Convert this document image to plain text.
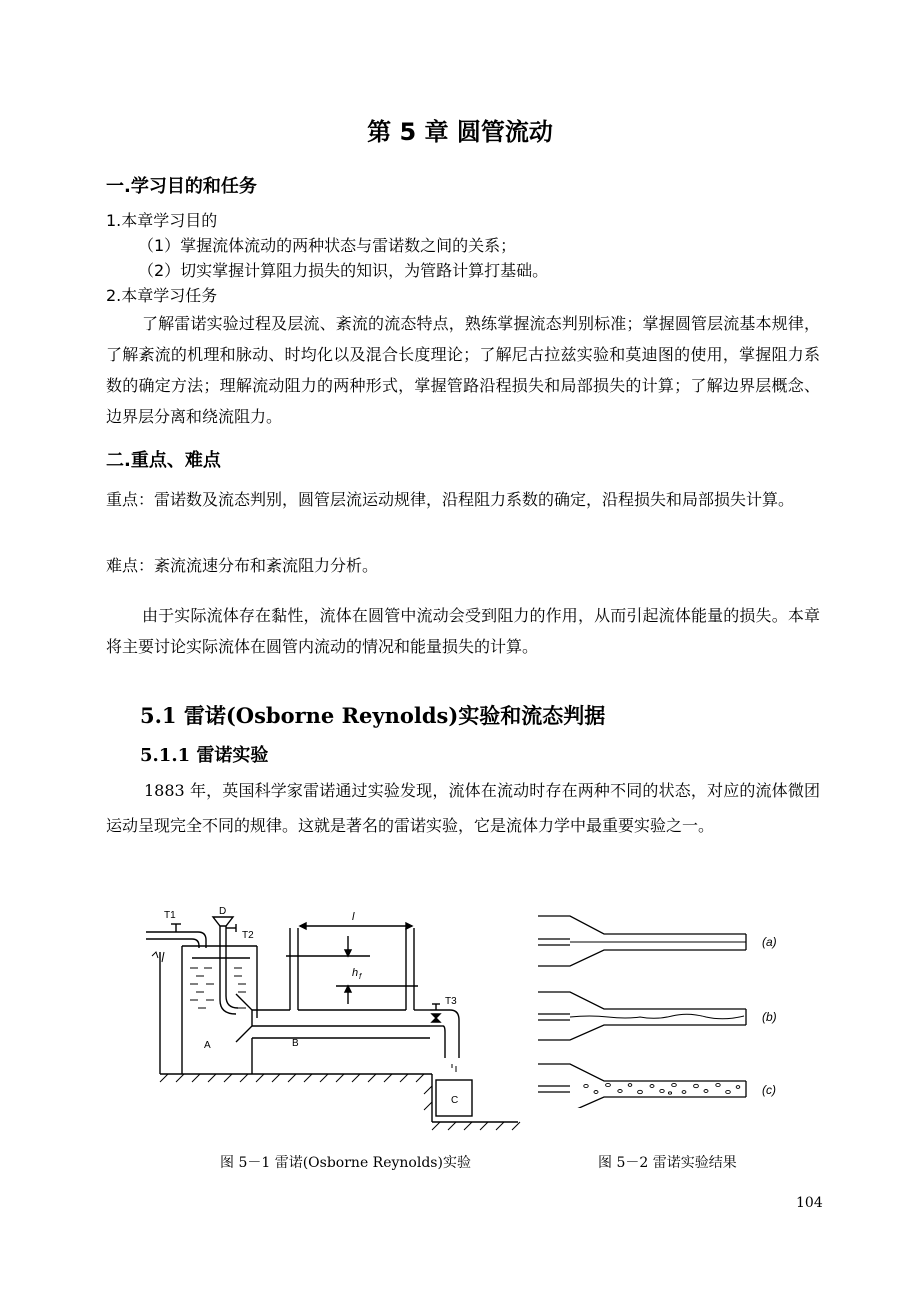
第 5 章 圆管流动
一.学习目的和任务
1.本章学习目的
（1）掌握流体流动的两种状态与雷诺数之间的关系；
（2）切实掌握计算阻力损失的知识，为管路计算打基础。
2.本章学习任务
了解雷诺实验过程及层流、紊流的流态特点，熟练掌握流态判别标准；掌握圆管层流基本规律，了解紊流的机理和脉动、时均化以及混合长度理论；了解尼古拉兹实验和莫迪图的使用，掌握阻力系数的确定方法；理解流动阻力的两种形式，掌握管路沿程损失和局部损失的计算；了解边界层概念、边界层分离和绕流阻力。
二.重点、难点
重点：雷诺数及流态判别，圆管层流运动规律，沿程阻力系数的确定，沿程损失和局部损失计算。
难点：紊流流速分布和紊流阻力分析。
由于实际流体存在黏性，流体在圆管中流动会受到阻力的作用，从而引起流体能量的损失。本章将主要讨论实际流体在圆管内流动的情况和能量损失的计算。
5.1 雷诺(Osborne Reynolds)实验和流态判据
5.1.1 雷诺实验
1883 年，英国科学家雷诺通过实验发现，流体在流动时存在两种不同的状态，对应的流体微团运动呈现完全不同的规律。这就是著名的雷诺实验，它是流体力学中最重要实验之一。
T1
A
D
T2
B
l
h f
T3
C
(a)
(b)
(c)
图 5－1 雷诺(Osborne Reynolds)实验	图 5－2 雷诺实验结果
104
